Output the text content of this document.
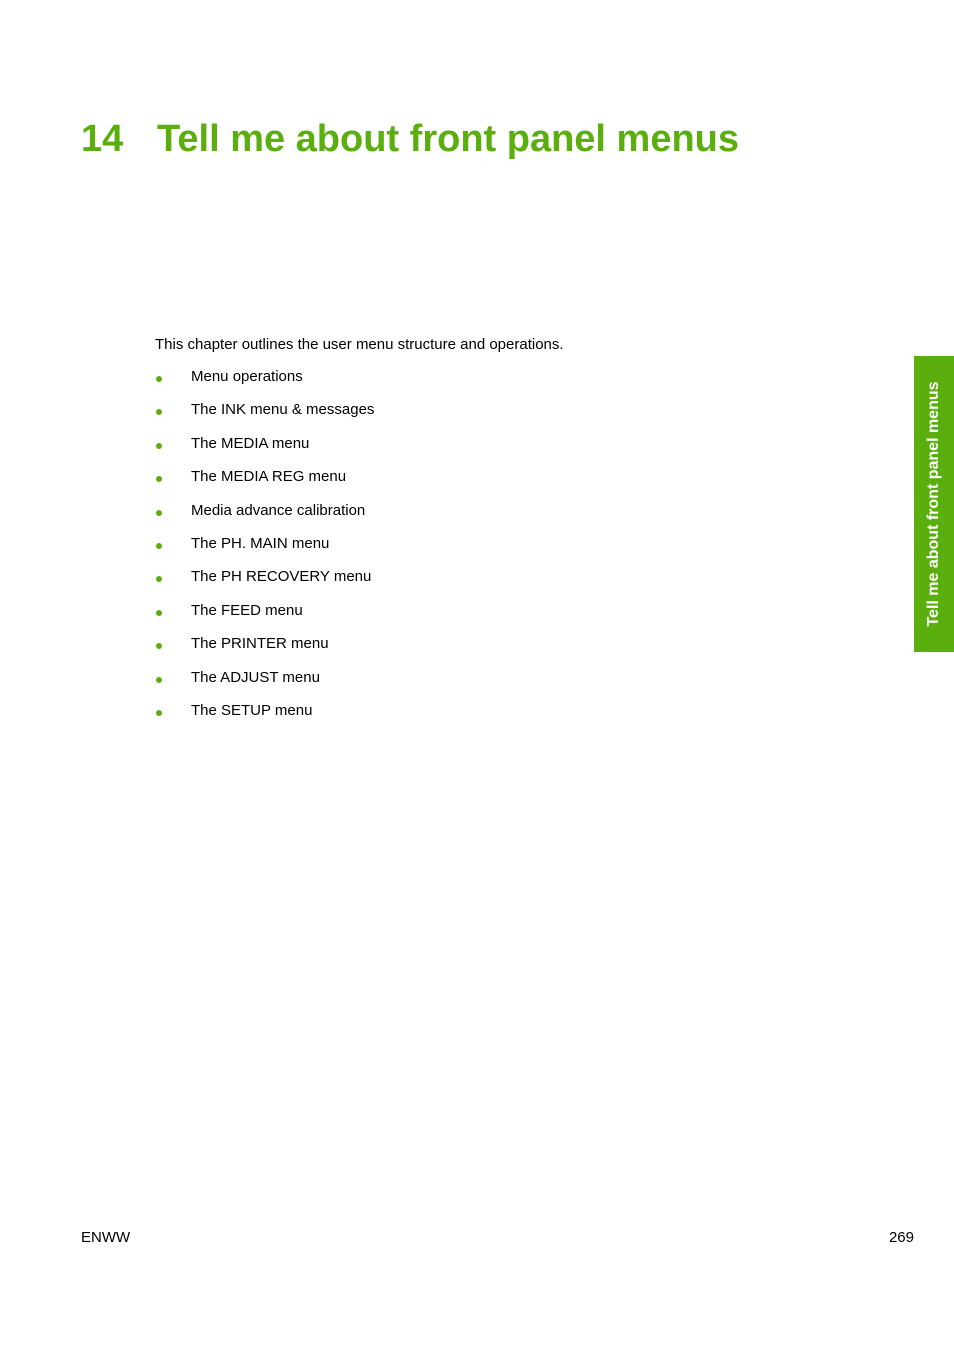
14 Tell me about front panel menus

This chapter outlines the user menu structure and operations.

Menu operations
The INK menu & messages
The MEDIA menu
The MEDIA REG menu
Media advance calibration
The PH. MAIN menu
The PH RECOVERY menu
The FEED menu
The PRINTER menu
The ADJUST menu
The SETUP menu
Tell me about front panel menus
ENWW	269
